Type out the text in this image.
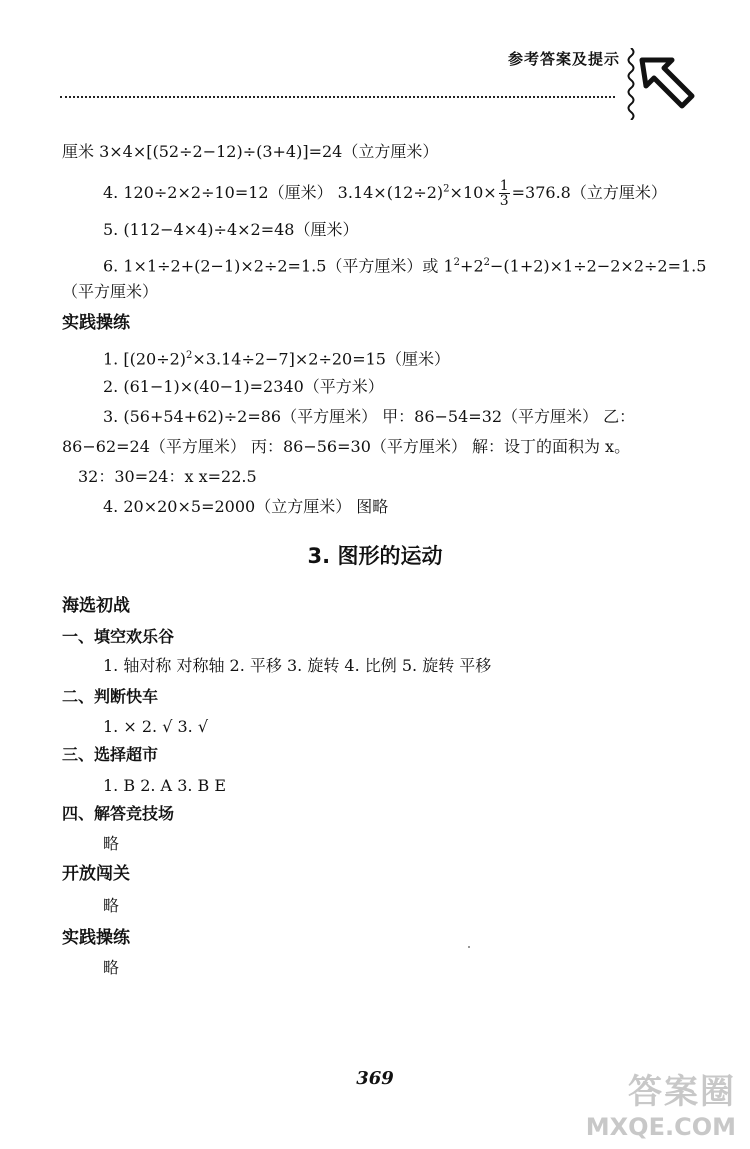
参考答案及提示
厘米 3×4×[(52÷2−12)÷(3+4)]=24（立方厘米）
4. 120÷2×2÷10=12（厘米） $3.14\times(12\div 2)^2\times 10\times \frac{1}{3} =376.8$（立方厘米）
5. (112−4×4)÷4×2=48（厘米）
6. 1×1÷2+(2−1)×2÷2=1.5（平方厘米）或 $1^2+2^2-(1+2)\times 1\div 2-2\times 2\div 2=1.5$
（平方厘米）
实践操练
1. $[(20\div 2)^2\times 3.14\div 2-7]\times 2\div 20=15$（厘米）
2. (61−1)×(40−1)=2340（平方米）
3. (56+54+62)÷2=86（平方厘米） 甲：86−54=32（平方厘米） 乙：
86−62=24（平方厘米） 丙：86−56=30（平方厘米） 解：设丁的面积为 x。
32：30=24：x x=22.5
4. 20×20×5=2000（立方厘米） 图略
3. 图形的运动
海选初战
一、填空欢乐谷
1. 轴对称 对称轴 2. 平移 3. 旋转 4. 比例 5. 旋转 平移
二、判断快车
1. × 2. √ 3. √
三、选择超市
1. B 2. A 3. B E
四、解答竞技场
略
开放闯关
略
实践操练
略
369	答案圈
MXQE.COM
